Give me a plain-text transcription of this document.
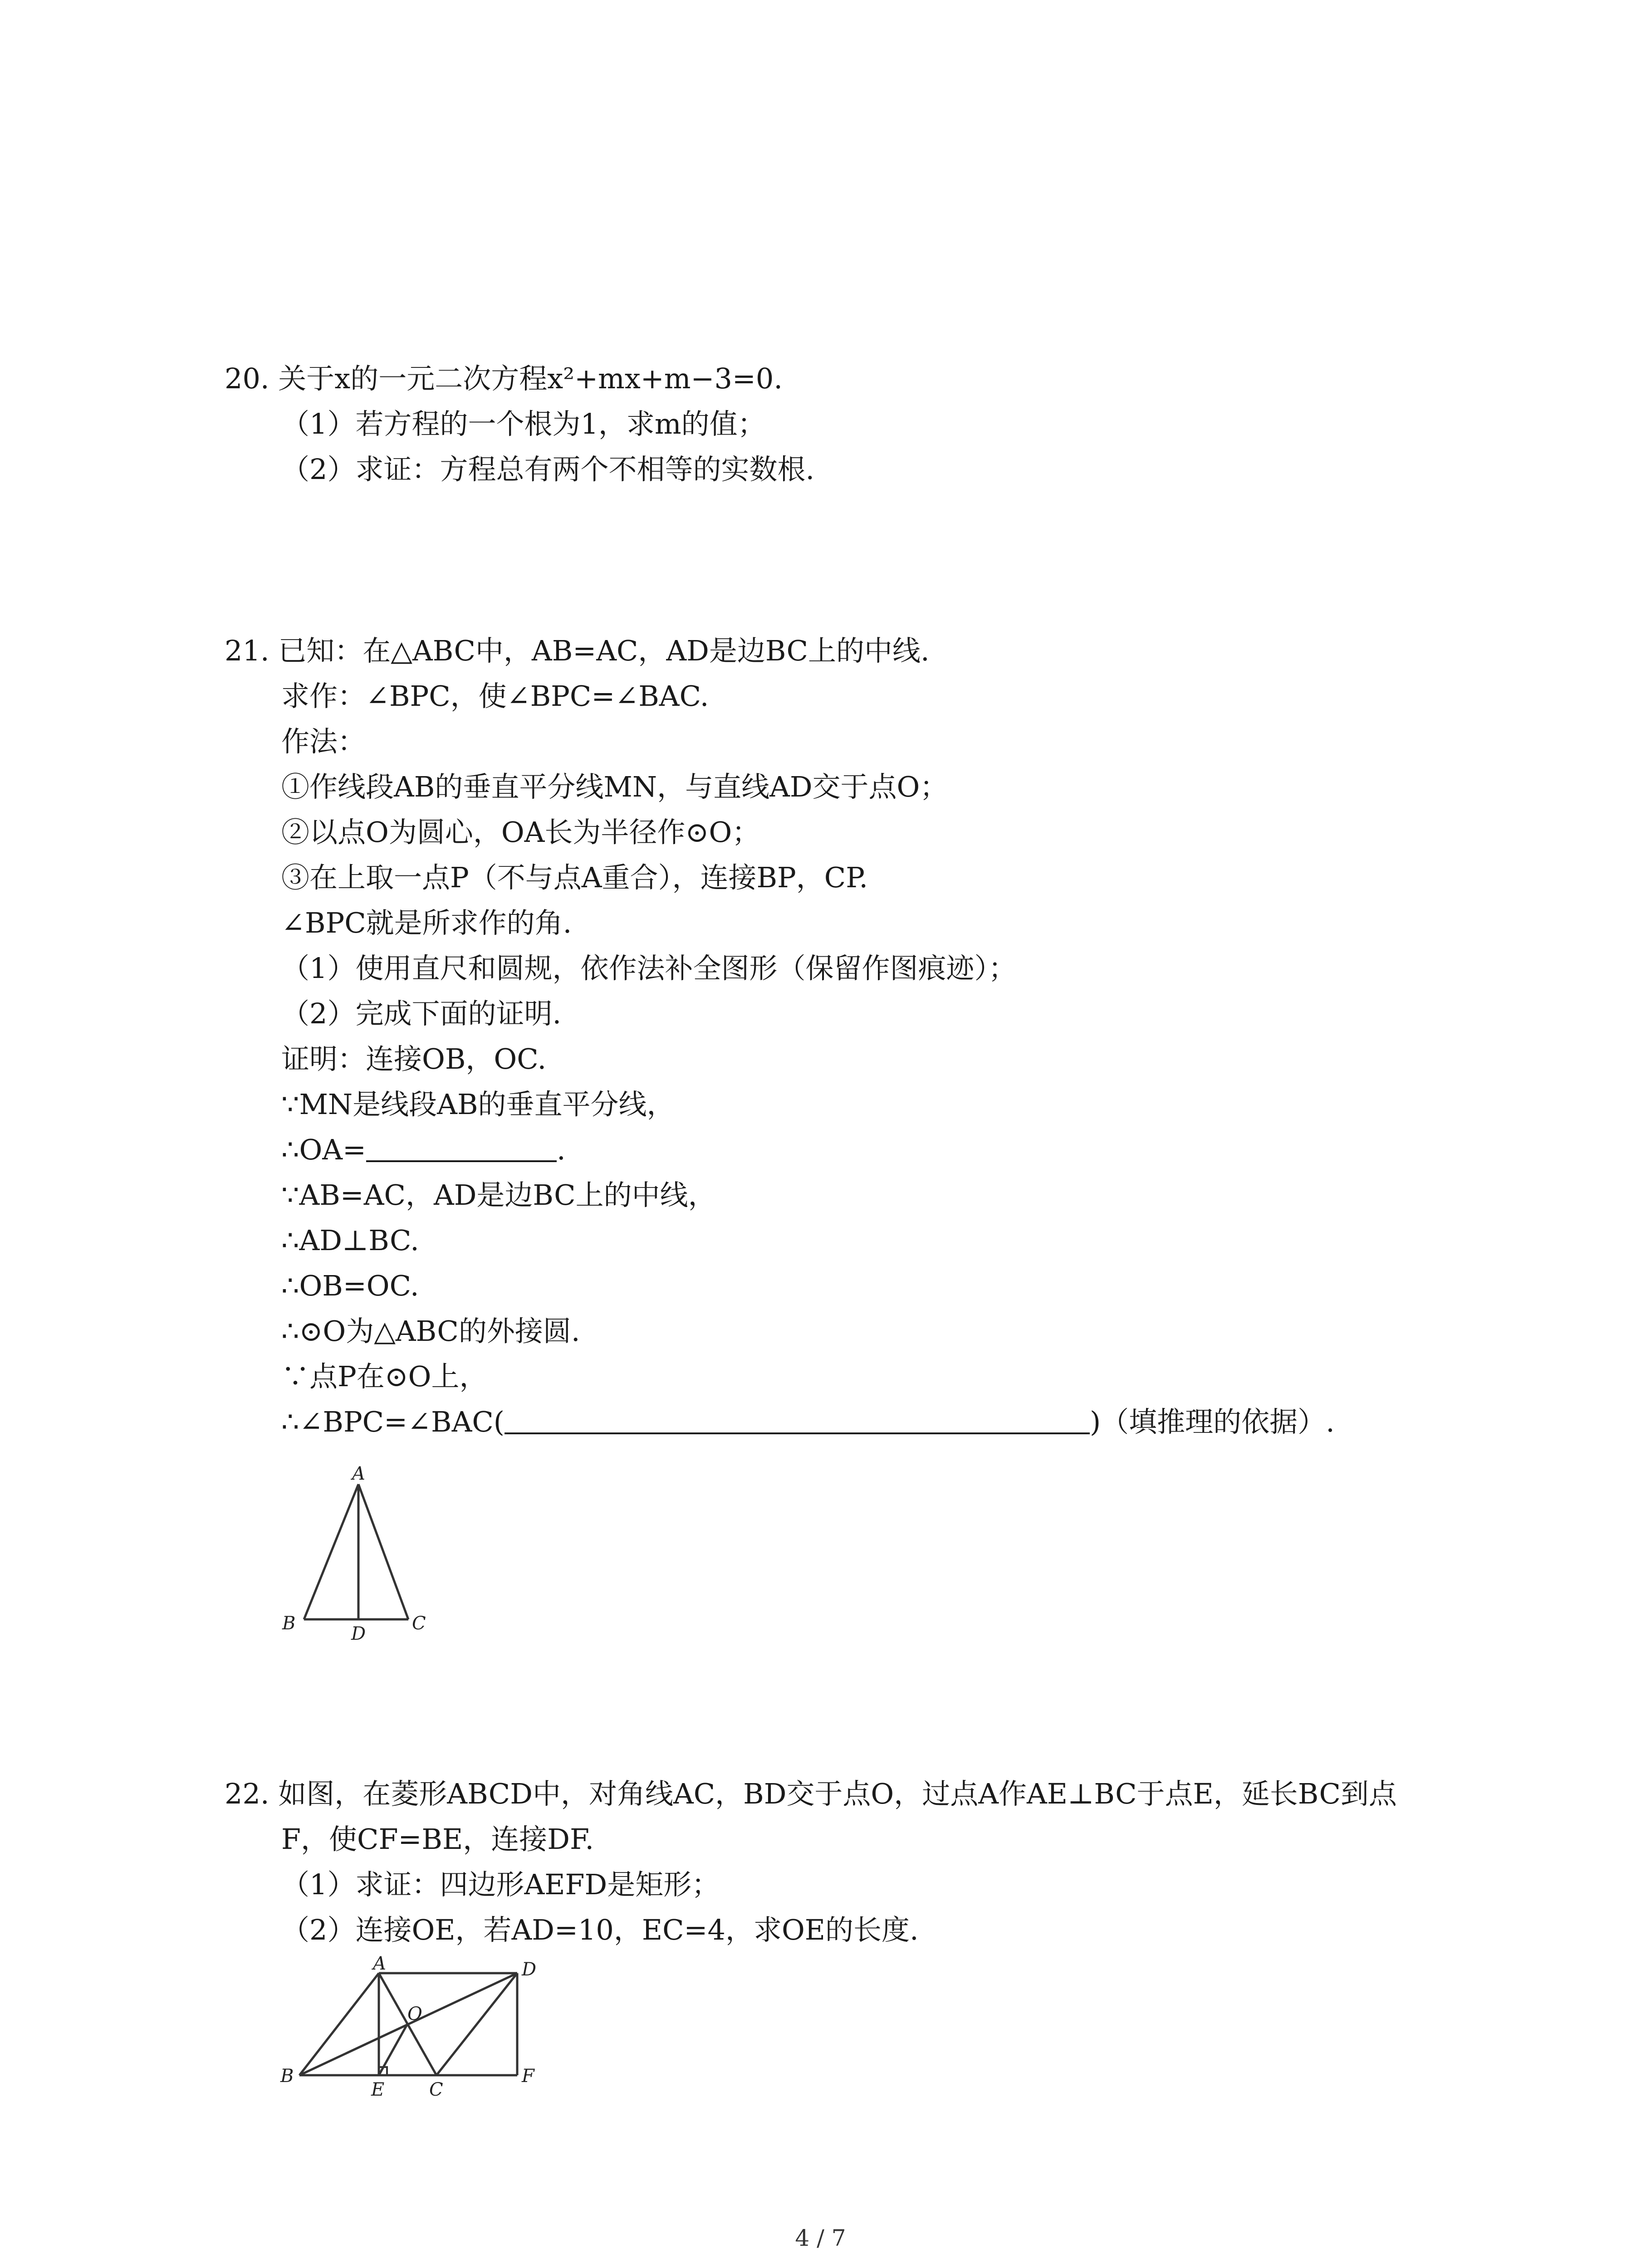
20. 关于x的一元二次方程x²+mx+m−3=0.
（1）若方程的一个根为1，求m的值；
（2）求证：方程总有两个不相等的实数根.
21. 已知：在△ABC中，AB=AC，AD是边BC上的中线.
求作：∠BPC，使∠BPC=∠BAC.
作法：
①作线段AB的垂直平分线MN，与直线AD交于点O；
②以点O为圆心，OA长为半径作⊙O；
③在上取一点P（不与点A重合），连接BP，CP.
∠BPC就是所求作的角.
（1）使用直尺和圆规，依作法补全图形（保留作图痕迹）；
（2）完成下面的证明.
证明：连接OB，OC.
∵MN是线段AB的垂直平分线，
∴OA=	.
∵AB=AC，AD是边BC上的中线，
∴AD⊥BC.
∴OB=OC.
∴⊙O为△ABC的外接圆.
∵点P在⊙O上，
∴∠BPC=∠BAC(	)（填推理的依据）.
A
B	D	C
22. 如图，在菱形ABCD中，对角线AC，BD交于点O，过点A作AE⊥BC于点E，延长BC到点
F，使CF=BE，连接DF.
（1）求证：四边形AEFD是矩形；
（2）连接OE，若AD=10，EC=4，求OE的长度.
A	D
O
B
E C
F
4 / 7
